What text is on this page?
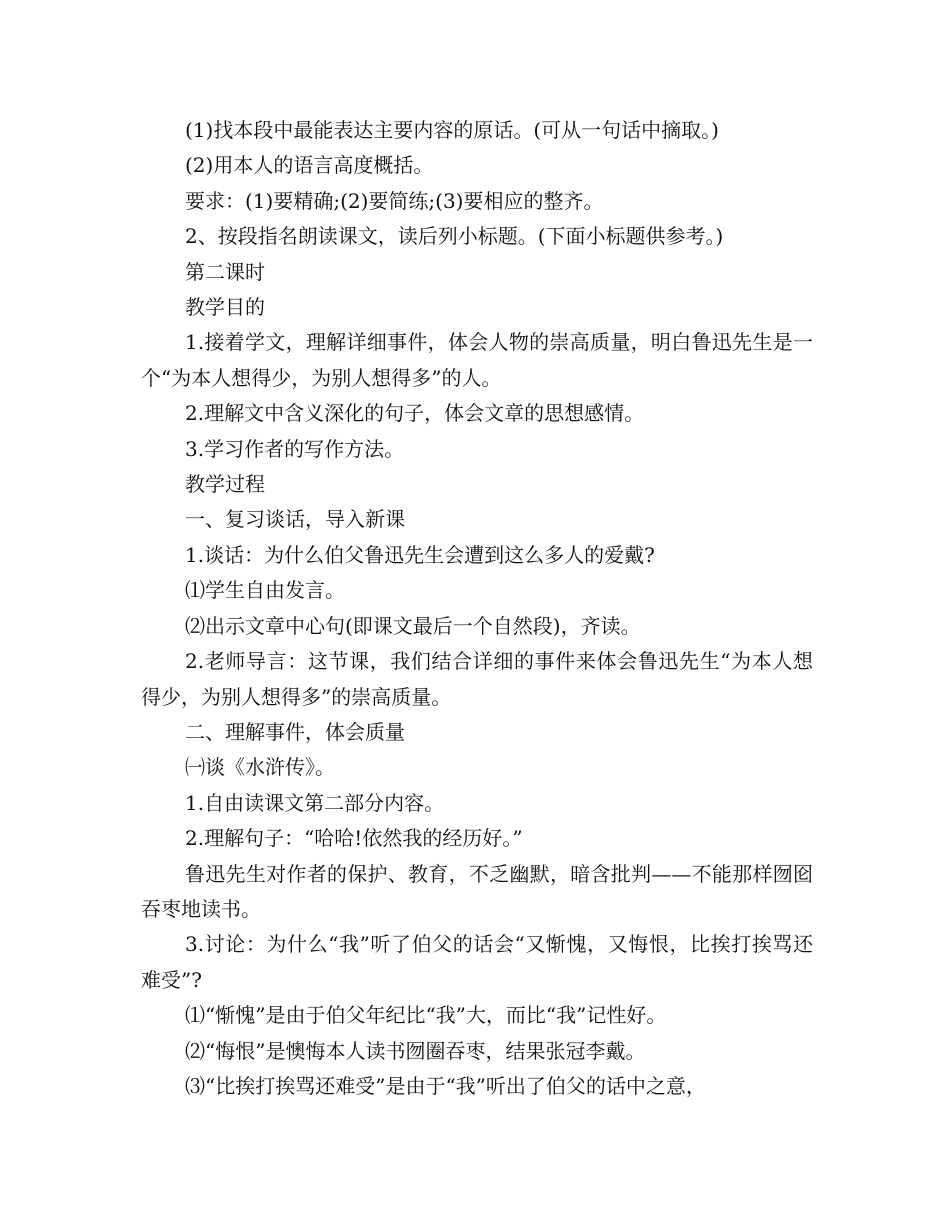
(1)找本段中最能表达主要内容的原话。(可从一句话中摘取。)

(2)用本人的语言高度概括。

要求：(1)要精确;(2)要简练;(3)要相应的整齐。

2、按段指名朗读课文，读后列小标题。(下面小标题供参考。)

第二课时

教学目的

1.接着学文，理解详细事件，体会人物的崇高质量，明白鲁迅先生是一个“为本人想得少，为别人想得多”的人。

2.理解文中含义深化的句子，体会文章的思想感情。

3.学习作者的写作方法。

教学过程

一、复习谈话，导入新课

1.谈话：为什么伯父鲁迅先生会遭到这么多人的爱戴?

⑴学生自由发言。

⑵出示文章中心句(即课文最后一个自然段)，齐读。

2.老师导言：这节课，我们结合详细的事件来体会鲁迅先生“为本人想得少，为别人想得多”的崇高质量。

二、理解事件，体会质量

㈠谈《水浒传》。

1.自由读课文第二部分内容。

2.理解句子：“哈哈!依然我的经历好。”

鲁迅先生对作者的保护、教育，不乏幽默，暗含批判——不能那样囫囵吞枣地读书。

3.讨论：为什么“我”听了伯父的话会“又惭愧，又悔恨，比挨打挨骂还难受”?

⑴“惭愧”是由于伯父年纪比“我”大，而比“我”记性好。

⑵“悔恨”是懊悔本人读书囫圈吞枣，结果张冠李戴。

⑶“比挨打挨骂还难受”是由于“我”听出了伯父的话中之意，
